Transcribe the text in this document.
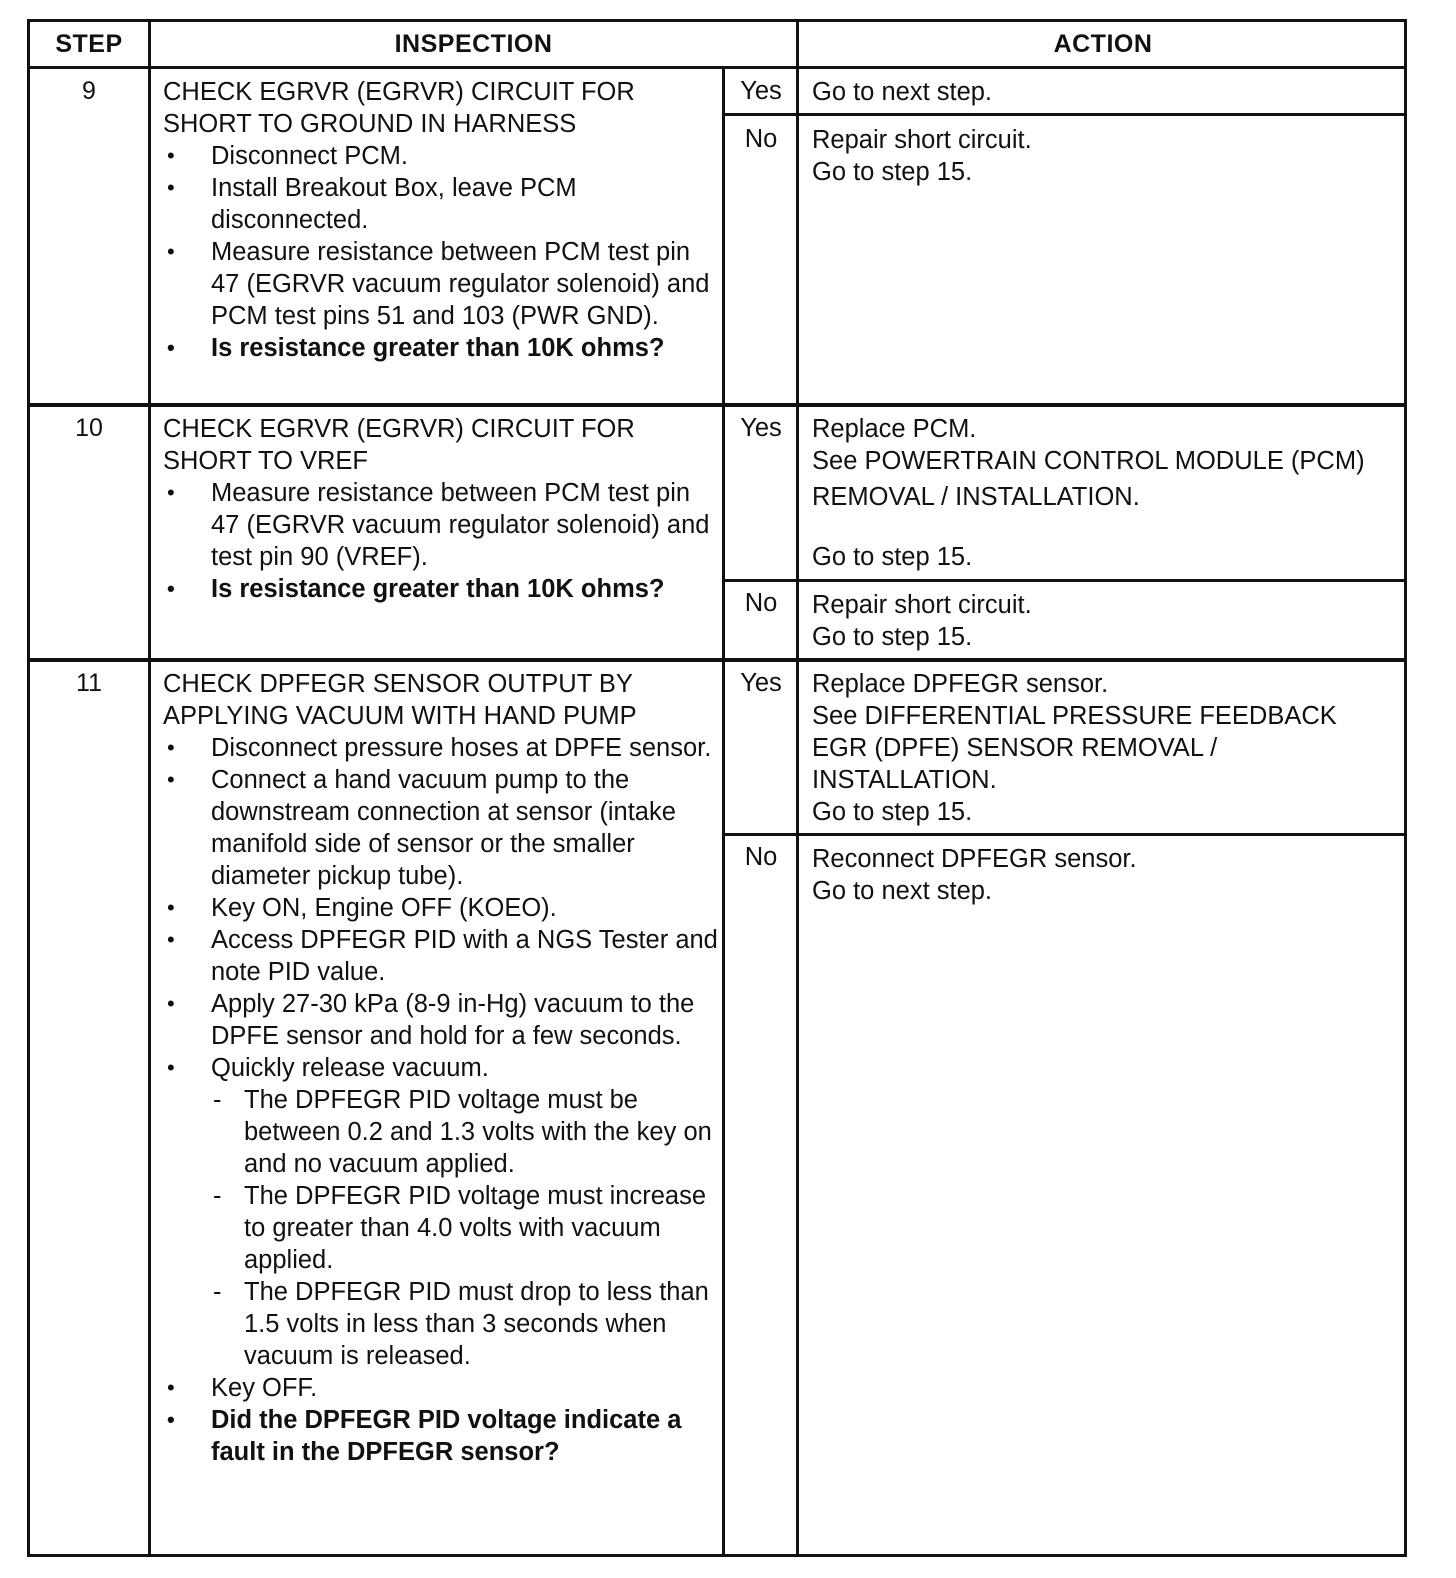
STEP	INSPECTION	ACTION
9	CHECK EGRVR (EGRVR) CIRCUIT FOR
SHORT TO GROUND IN HARNESS

• Disconnect PCM.
• Install Breakout Box, leave PCM disconnected.
• Measure resistance between PCM test pin 47 (EGRVR vacuum regulator solenoid) and PCM test pins 51 and 103 (PWR GND).
• Is resistance greater than 10K ohms?
Yes	Go to next step.

No	Repair short circuit.

Go to step 15.

10	CHECK EGRVR (EGRVR) CIRCUIT FOR
SHORT TO VREF

• Measure resistance between PCM test pin 47 (EGRVR vacuum regulator solenoid) and test pin 90 (VREF).
• Is resistance greater than 10K ohms?
Yes	Replace PCM.

See POWERTRAIN CONTROL MODULE (PCM)

REMOVAL / INSTALLATION.

Go to step 15.

No	Repair short circuit.

Go to step 15.

11	CHECK DPFEGR SENSOR OUTPUT BY
APPLYING VACUUM WITH HAND PUMP

• Disconnect pressure hoses at DPFE sensor.
• Connect a hand vacuum pump to the downstream connection at sensor (intake manifold side of sensor or the smaller diameter pickup tube).
• Key ON, Engine OFF (KOEO).
• Access DPFEGR PID with a NGS Tester and note PID value.
• Apply 27-30 kPa (8-9 in-Hg) vacuum to the DPFE sensor and hold for a few seconds.
• Quickly release vacuum.
- The DPFEGR PID voltage must be between 0.2 and 1.3 volts with the key on and no vacuum applied.
- The DPFEGR PID voltage must increase to greater than 4.0 volts with vacuum applied.
- The DPFEGR PID must drop to less than 1.5 volts in less than 3 seconds when vacuum is released.
• Key OFF.
• Did the DPFEGR PID voltage indicate a fault in the DPFEGR sensor?
Yes	Replace DPFEGR sensor.

See DIFFERENTIAL PRESSURE FEEDBACK EGR (DPFE) SENSOR REMOVAL / INSTALLATION.

Go to step 15.

No	Reconnect DPFEGR sensor.

Go to next step.
